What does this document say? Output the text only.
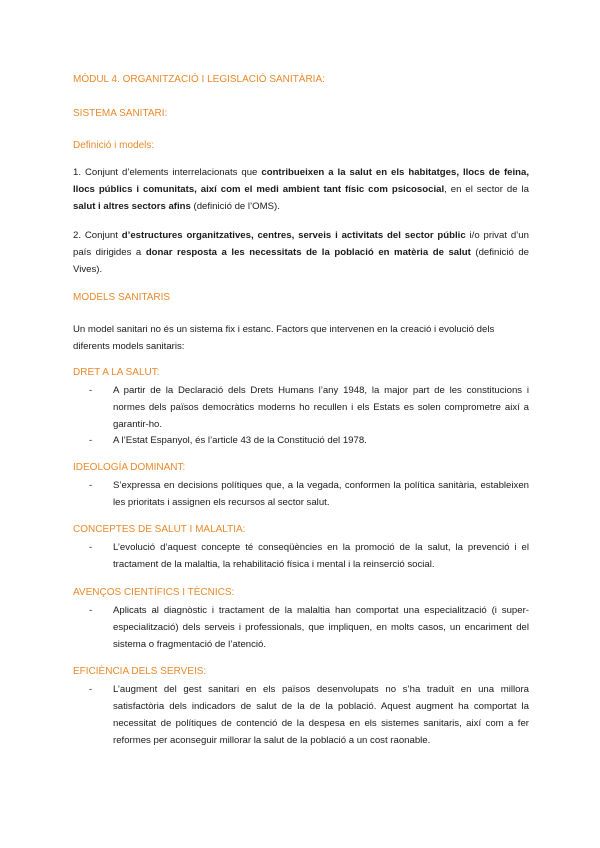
MÒDUL 4. ORGANITZACIÓ I LEGISLACIÓ SANITÀRIA:
SISTEMA SANITARI:
Definició i models:
1. Conjunt d’elements interrelacionats que contribueixen a la salut en els habitatges, llocs de feina, llocs públics i comunitats, així com el medi ambient tant físic com psicosocial, en el sector de la salut i altres sectors afins (definició de l’OMS).
2. Conjunt d’estructures organitzatives, centres, serveis i activitats del sector públic i/o privat d’un país dirigides a donar resposta a les necessitats de la població en matèria de salut (definició de Vives).
MODELS SANITARIS
Un model sanitari no és un sistema fix i estanc. Factors que intervenen en la creació i evolució dels diferents models sanitaris:
DRET A LA SALUT:
- A partir de la Declaració dels Drets Humans l’any 1948, la major part de les constitucions i normes dels països democràtics moderns ho recullen i els Estats es solen comprometre així a garantir-ho.
- A l’Estat Espanyol, és l’article 43 de la Constitució del 1978.
IDEOLOGÍA DOMINANT:
- S’expressa en decisions polítiques que, a la vegada, conformen la política sanitària, estableixen les prioritats i assignen els recursos al sector salut.
CONCEPTES DE SALUT I MALALTIA:
- L’evolució d’aquest concepte té conseqüències en la promoció de la salut, la prevenció i el tractament de la malaltia, la rehabilitació física i mental i la reinserció social.
AVENÇOS CIENTÍFICS I TÈCNICS:
- Aplicats al diagnòstic i tractament de la malaltia han comportat una especialització (i super-especialització) dels serveis i professionals, que impliquen, en molts casos, un encariment del sistema o fragmentació de l’atenció.
EFICIÈNCIA DELS SERVEIS:
- L’augment del gest sanitari en els països desenvolupats no s’ha traduït en una millora satisfactòria dels indicadors de salut de la de la població. Aquest augment ha comportat la necessitat de polítiques de contenció de la despesa en els sistemes sanitaris, així com a fer reformes per aconseguir millorar la salut de la població a un cost raonable.
